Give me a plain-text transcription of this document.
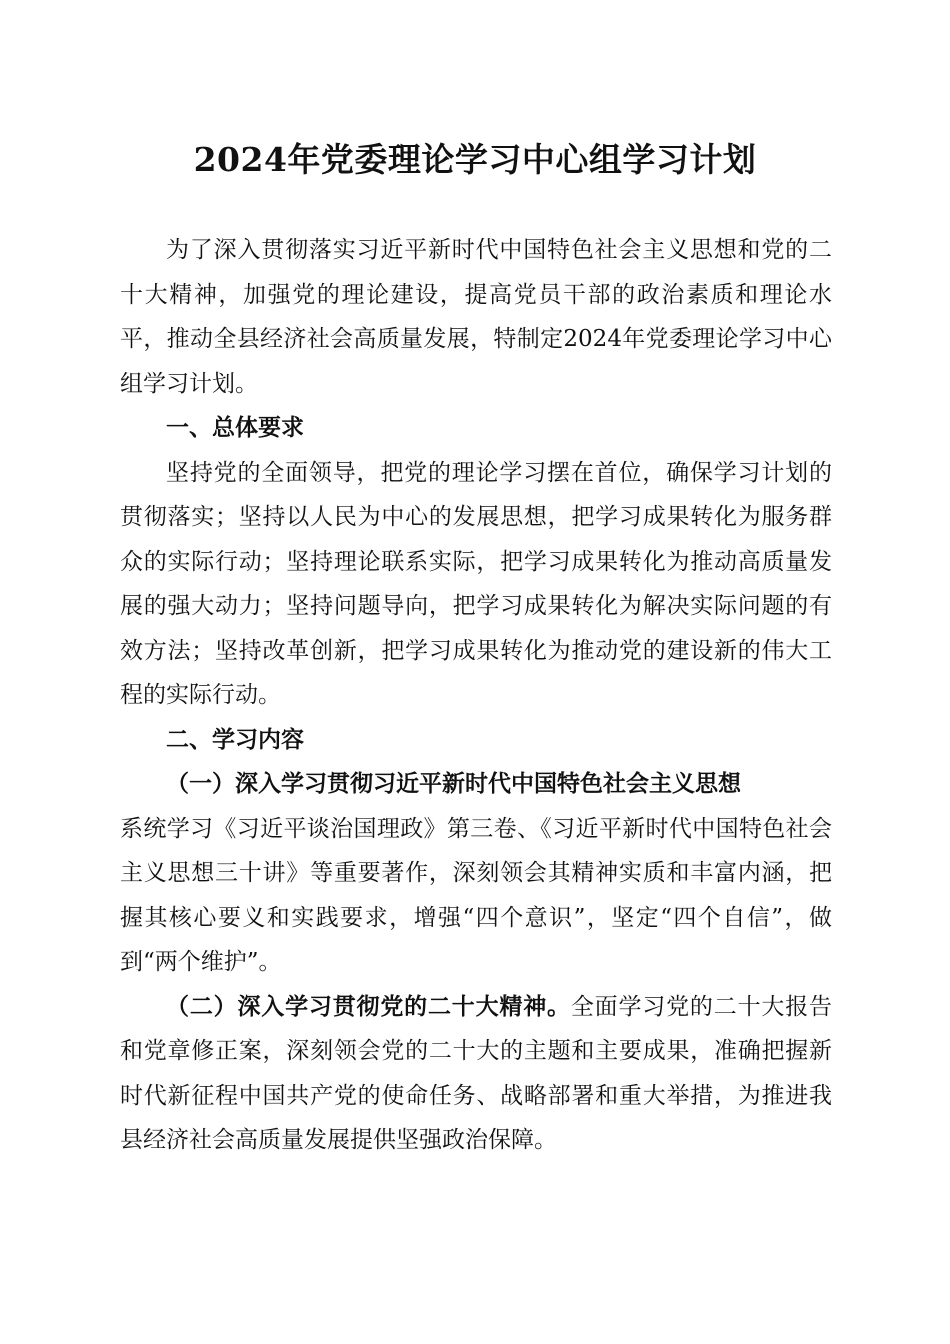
2024年党委理论学习中心组学习计划

为了深入贯彻落实习近平新时代中国特色社会主义思想和党的二十大精神，加强党的理论建设，提高党员干部的政治素质和理论水平，推动全县经济社会高质量发展，特制定2024年党委理论学习中心组学习计划。

一、总体要求

坚持党的全面领导，把党的理论学习摆在首位，确保学习计划的贯彻落实；坚持以人民为中心的发展思想，把学习成果转化为服务群众的实际行动；坚持理论联系实际，把学习成果转化为推动高质量发展的强大动力；坚持问题导向，把学习成果转化为解决实际问题的有效方法；坚持改革创新，把学习成果转化为推动党的建设新的伟大工程的实际行动。

二、学习内容

（一）深入学习贯彻习近平新时代中国特色社会主义思想
系统学习《习近平谈治国理政》第三卷、《习近平新时代中国特色社会主义思想三十讲》等重要著作，深刻领会其精神实质和丰富内涵，把握其核心要义和实践要求，增强“四个意识”，坚定“四个自信”，做到“两个维护”。

（二）深入学习贯彻党的二十大精神。全面学习党的二十大报告和党章修正案，深刻领会党的二十大的主题和主要成果，准确把握新时代新征程中国共产党的使命任务、战略部署和重大举措，为推进我县经济社会高质量发展提供坚强政治保障。
